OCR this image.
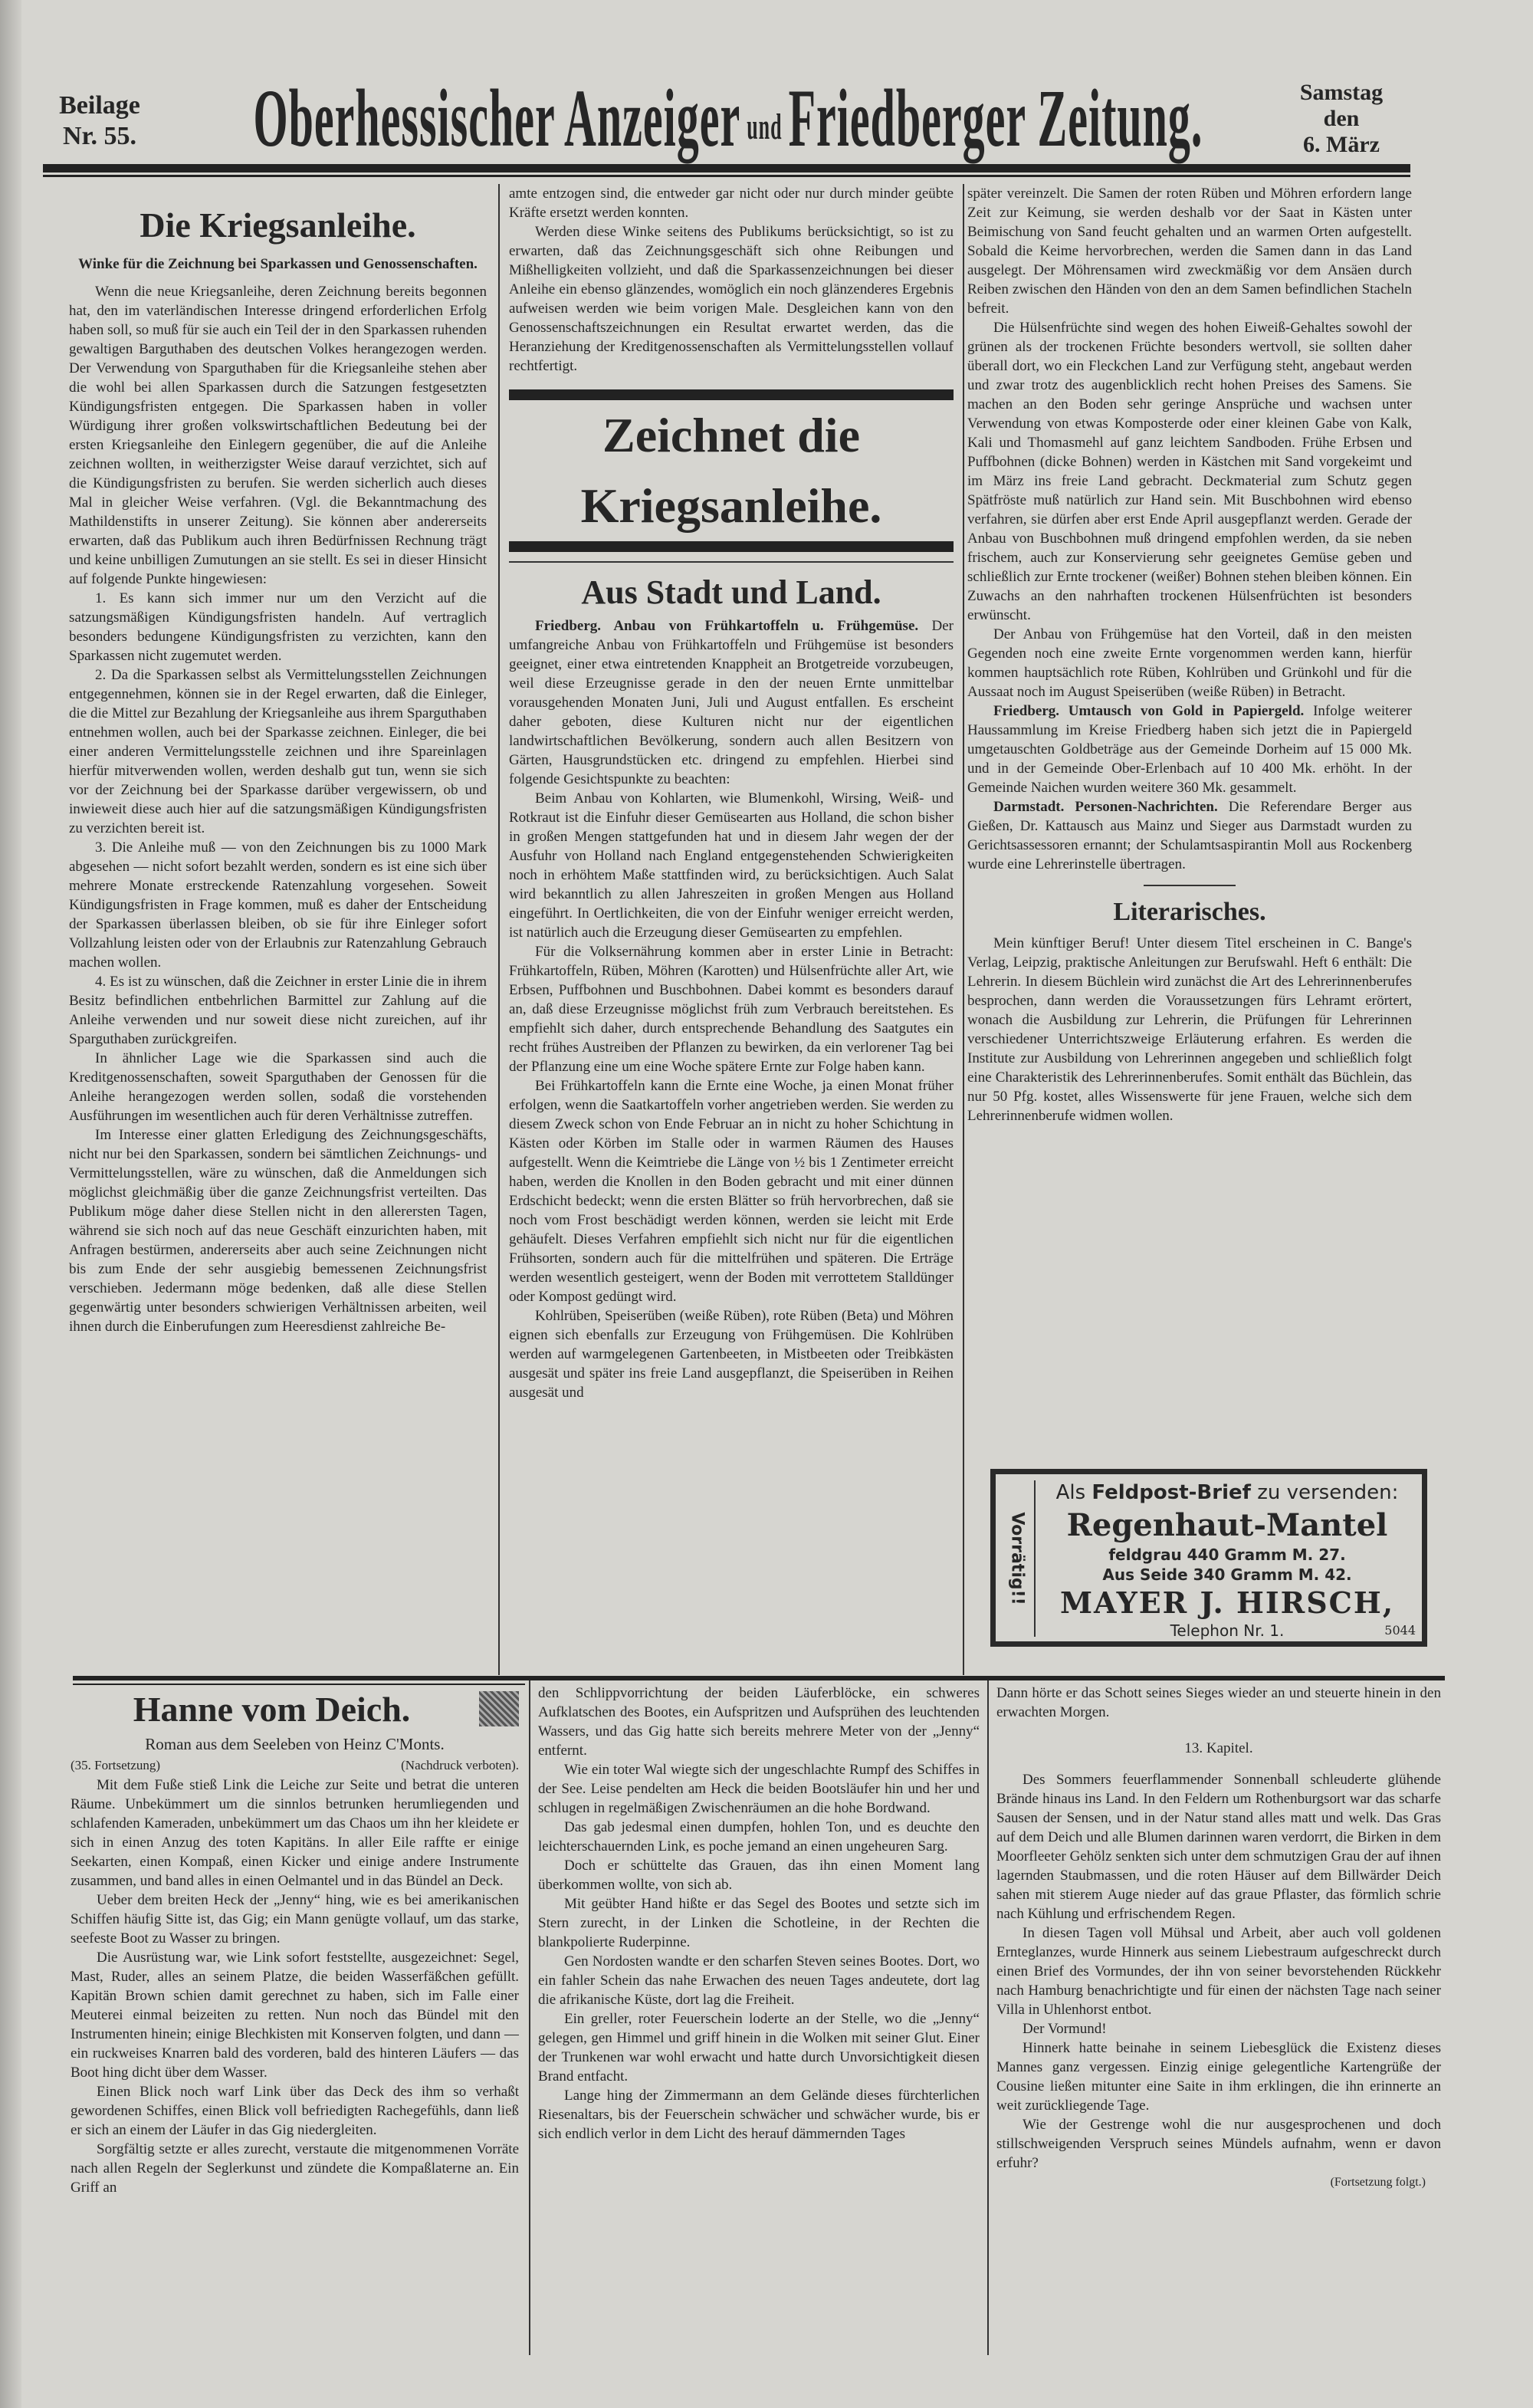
Beilage
Nr. 55.	Oberhessischer Anzeiger und Friedberger Zeitung.	Samstag
den
6. März
Die Kriegsanleihe.
Winke für die Zeichnung bei Sparkassen und Genossenschaften.

Wenn die neue Kriegsanleihe, deren Zeichnung bereits begonnen hat, den im vaterländischen Interesse dringend erforderlichen Erfolg haben soll, so muß für sie auch ein Teil der in den Sparkassen ruhenden gewaltigen Barguthaben des deutschen Volkes herangezogen werden. Der Verwendung von Sparguthaben für die Kriegsanleihe stehen aber die wohl bei allen Sparkassen durch die Satzungen festgesetzten Kündigungsfristen entgegen. Die Sparkassen haben in voller Würdigung ihrer großen volkswirtschaftlichen Bedeutung bei der ersten Kriegsanleihe den Einlegern gegenüber, die auf die Anleihe zeichnen wollten, in weitherzigster Weise darauf verzichtet, sich auf die Kündigungsfristen zu berufen. Sie werden sicherlich auch dieses Mal in gleicher Weise verfahren. (Vgl. die Bekanntmachung des Mathildenstifts in unserer Zeitung). Sie können aber andererseits erwarten, daß das Publikum auch ihren Bedürfnissen Rechnung trägt und keine unbilligen Zumutungen an sie stellt. Es sei in dieser Hinsicht auf folgende Punkte hingewiesen:

1. Es kann sich immer nur um den Verzicht auf die satzungsmäßigen Kündigungsfristen handeln. Auf vertraglich besonders bedungene Kündigungsfristen zu verzichten, kann den Sparkassen nicht zugemutet werden.

2. Da die Sparkassen selbst als Vermittelungsstellen Zeichnungen entgegennehmen, können sie in der Regel erwarten, daß die Einleger, die die Mittel zur Bezahlung der Kriegsanleihe aus ihrem Sparguthaben entnehmen wollen, auch bei der Sparkasse zeichnen. Einleger, die bei einer anderen Vermittelungsstelle zeichnen und ihre Spareinlagen hierfür mitverwenden wollen, werden deshalb gut tun, wenn sie sich vor der Zeichnung bei der Sparkasse darüber vergewissern, ob und inwieweit diese auch hier auf die satzungsmäßigen Kündigungsfristen zu verzichten bereit ist.

3. Die Anleihe muß — von den Zeichnungen bis zu 1000 Mark abgesehen — nicht sofort bezahlt werden, sondern es ist eine sich über mehrere Monate erstreckende Ratenzahlung vorgesehen. Soweit Kündigungsfristen in Frage kommen, muß es daher der Entscheidung der Sparkassen überlassen bleiben, ob sie für ihre Einleger sofort Vollzahlung leisten oder von der Erlaubnis zur Ratenzahlung Gebrauch machen wollen.

4. Es ist zu wünschen, daß die Zeichner in erster Linie die in ihrem Besitz befindlichen entbehrlichen Barmittel zur Zahlung auf die Anleihe verwenden und nur soweit diese nicht zureichen, auf ihr Sparguthaben zurückgreifen.

In ähnlicher Lage wie die Sparkassen sind auch die Kreditgenossenschaften, soweit Sparguthaben der Genossen für die Anleihe herangezogen werden sollen, sodaß die vorstehenden Ausführungen im wesentlichen auch für deren Verhältnisse zutreffen.

Im Interesse einer glatten Erledigung des Zeichnungsgeschäfts, nicht nur bei den Sparkassen, sondern bei sämtlichen Zeichnungs- und Vermittelungsstellen, wäre zu wünschen, daß die Anmeldungen sich möglichst gleichmäßig über die ganze Zeichnungsfrist verteilten. Das Publikum möge daher diese Stellen nicht in den allerersten Tagen, während sie sich noch auf das neue Geschäft einzurichten haben, mit Anfragen bestürmen, andererseits aber auch seine Zeichnungen nicht bis zum Ende der sehr ausgiebig bemessenen Zeichnungsfrist verschieben. Jedermann möge bedenken, daß alle diese Stellen gegenwärtig unter besonders schwierigen Verhältnissen arbeiten, weil ihnen durch die Einberufungen zum Heeresdienst zahlreiche Be-

amte entzogen sind, die entweder gar nicht oder nur durch minder geübte Kräfte ersetzt werden konnten.

Werden diese Winke seitens des Publikums berücksichtigt, so ist zu erwarten, daß das Zeichnungsgeschäft sich ohne Reibungen und Mißhelligkeiten vollzieht, und daß die Sparkassenzeichnungen bei dieser Anleihe ein ebenso glänzendes, womöglich ein noch glänzenderes Ergebnis aufweisen werden wie beim vorigen Male. Desgleichen kann von den Genossenschaftszeichnungen ein Resultat erwartet werden, das die Heranziehung der Kreditgenossenschaften als Vermittelungsstellen vollauf rechtfertigt.

Zeichnet die Kriegsanleihe.
Aus Stadt und Land.

Friedberg. Anbau von Frühkartoffeln u. Frühgemüse. Der umfangreiche Anbau von Frühkartoffeln und Frühgemüse ist besonders geeignet, einer etwa eintretenden Knappheit an Brotgetreide vorzubeugen, weil diese Erzeugnisse gerade in den der neuen Ernte unmittelbar vorausgehenden Monaten Juni, Juli und August entfallen. Es erscheint daher geboten, diese Kulturen nicht nur der eigentlichen landwirtschaftlichen Bevölkerung, sondern auch allen Besitzern von Gärten, Hausgrundstücken etc. dringend zu empfehlen. Hierbei sind folgende Gesichtspunkte zu beachten:

Beim Anbau von Kohlarten, wie Blumenkohl, Wirsing, Weiß- und Rotkraut ist die Einfuhr dieser Gemüsearten aus Holland, die schon bisher in großen Mengen stattgefunden hat und in diesem Jahr wegen der der Ausfuhr von Holland nach England entgegenstehenden Schwierigkeiten noch in erhöhtem Maße stattfinden wird, zu berücksichtigen. Auch Salat wird bekanntlich zu allen Jahreszeiten in großen Mengen aus Holland eingeführt. In Oertlichkeiten, die von der Einfuhr weniger erreicht werden, ist natürlich auch die Erzeugung dieser Gemüsearten zu empfehlen.

Für die Volksernährung kommen aber in erster Linie in Betracht: Frühkartoffeln, Rüben, Möhren (Karotten) und Hülsenfrüchte aller Art, wie Erbsen, Puffbohnen und Buschbohnen. Dabei kommt es besonders darauf an, daß diese Erzeugnisse möglichst früh zum Verbrauch bereitstehen. Es empfiehlt sich daher, durch entsprechende Behandlung des Saatgutes ein recht frühes Austreiben der Pflanzen zu bewirken, da ein verlorener Tag bei der Pflanzung eine um eine Woche spätere Ernte zur Folge haben kann.

Bei Frühkartoffeln kann die Ernte eine Woche, ja einen Monat früher erfolgen, wenn die Saatkartoffeln vorher angetrieben werden. Sie werden zu diesem Zweck schon von Ende Februar an in nicht zu hoher Schichtung in Kästen oder Körben im Stalle oder in warmen Räumen des Hauses aufgestellt. Wenn die Keimtriebe die Länge von ½ bis 1 Zentimeter erreicht haben, werden die Knollen in den Boden gebracht und mit einer dünnen Erdschicht bedeckt; wenn die ersten Blätter so früh hervorbrechen, daß sie noch vom Frost beschädigt werden können, werden sie leicht mit Erde gehäufelt. Dieses Verfahren empfiehlt sich nicht nur für die eigentlichen Frühsorten, sondern auch für die mittelfrühen und späteren. Die Erträge werden wesentlich gesteigert, wenn der Boden mit verrottetem Stalldünger oder Kompost gedüngt wird.

Kohlrüben, Speiserüben (weiße Rüben), rote Rüben (Beta) und Möhren eignen sich ebenfalls zur Erzeugung von Frühgemüsen. Die Kohlrüben werden auf warmgelegenen Gartenbeeten, in Mistbeeten oder Treibkästen ausgesät und später ins freie Land ausgepflanzt, die Speiserüben in Reihen ausgesät und

später vereinzelt. Die Samen der roten Rüben und Möhren erfordern lange Zeit zur Keimung, sie werden deshalb vor der Saat in Kästen unter Beimischung von Sand feucht gehalten und an warmen Orten aufgestellt. Sobald die Keime hervorbrechen, werden die Samen dann in das Land ausgelegt. Der Möhrensamen wird zweckmäßig vor dem Ansäen durch Reiben zwischen den Händen von den an dem Samen befindlichen Stacheln befreit.

Die Hülsenfrüchte sind wegen des hohen Eiweiß-Gehaltes sowohl der grünen als der trockenen Früchte besonders wertvoll, sie sollten daher überall dort, wo ein Fleckchen Land zur Verfügung steht, angebaut werden und zwar trotz des augenblicklich recht hohen Preises des Samens. Sie machen an den Boden sehr geringe Ansprüche und wachsen unter Verwendung von etwas Komposterde oder einer kleinen Gabe von Kalk, Kali und Thomasmehl auf ganz leichtem Sandboden. Frühe Erbsen und Puffbohnen (dicke Bohnen) werden in Kästchen mit Sand vorgekeimt und im März ins freie Land gebracht. Deckmaterial zum Schutz gegen Spätfröste muß natürlich zur Hand sein. Mit Buschbohnen wird ebenso verfahren, sie dürfen aber erst Ende April ausgepflanzt werden. Gerade der Anbau von Buschbohnen muß dringend empfohlen werden, da sie neben frischem, auch zur Konservierung sehr geeignetes Gemüse geben und schließlich zur Ernte trockener (weißer) Bohnen stehen bleiben können. Ein Zuwachs an den nahrhaften trockenen Hülsenfrüchten ist besonders erwünscht.

Der Anbau von Frühgemüse hat den Vorteil, daß in den meisten Gegenden noch eine zweite Ernte vorgenommen werden kann, hierfür kommen hauptsächlich rote Rüben, Kohlrüben und Grünkohl und für die Aussaat noch im August Speiserüben (weiße Rüben) in Betracht.

Friedberg. Umtausch von Gold in Papiergeld. Infolge weiterer Haussammlung im Kreise Friedberg haben sich jetzt die in Papiergeld umgetauschten Goldbeträge aus der Gemeinde Dorheim auf 15 000 Mk. und in der Gemeinde Ober-Erlenbach auf 10 400 Mk. erhöht. In der Gemeinde Naichen wurden weitere 360 Mk. gesammelt.

Darmstadt. Personen-Nachrichten. Die Referendare Berger aus Gießen, Dr. Kattausch aus Mainz und Sieger aus Darmstadt wurden zu Gerichtsassessoren ernannt; der Schulamtsaspirantin Moll aus Rockenberg wurde eine Lehrerinstelle übertragen.

Literarisches.

Mein künftiger Beruf! Unter diesem Titel erscheinen in C. Bange's Verlag, Leipzig, praktische Anleitungen zur Berufswahl. Heft 6 enthält: Die Lehrerin. In diesem Büchlein wird zunächst die Art des Lehrerinnenberufes besprochen, dann werden die Voraussetzungen fürs Lehramt erörtert, wonach die Ausbildung zur Lehrerin, die Prüfungen für Lehrerinnen verschiedener Unterrichtszweige Erläuterung erfahren. Es werden die Institute zur Ausbildung von Lehrerinnen angegeben und schließlich folgt eine Charakteristik des Lehrerinnenberufes. Somit enthält das Büchlein, das nur 50 Pfg. kostet, alles Wissenswerte für jene Frauen, welche sich dem Lehrerinnenberufe widmen wollen.

Vorrätig!!
Als Feldpost-Brief zu versenden:
Regenhaut-Mantel
feldgrau 440 Gramm M. 27.
Aus Seide 340 Gramm M. 42.
MAYER J. HIRSCH,
Telephon Nr. 1.	5044
Hanne vom Deich.
Roman aus dem Seeleben von Heinz C'Monts.
(35. Fortsetzung)	(Nachdruck verboten).

Mit dem Fuße stieß Link die Leiche zur Seite und betrat die unteren Räume. Unbekümmert um die sinnlos betrunken herumliegenden und schlafenden Kameraden, unbekümmert um das Chaos um ihn her kleidete er sich in einen Anzug des toten Kapitäns. In aller Eile raffte er einige Seekarten, einen Kompaß, einen Kicker und einige andere Instrumente zusammen, und band alles in einen Oelmantel und in das Bündel an Deck.

Ueber dem breiten Heck der „Jenny“ hing, wie es bei amerikanischen Schiffen häufig Sitte ist, das Gig; ein Mann genügte vollauf, um das starke, seefeste Boot zu Wasser zu bringen.

Die Ausrüstung war, wie Link sofort feststellte, ausgezeichnet: Segel, Mast, Ruder, alles an seinem Platze, die beiden Wasserfäßchen gefüllt. Kapitän Brown schien damit gerechnet zu haben, sich im Falle einer Meuterei einmal beizeiten zu retten. Nun noch das Bündel mit den Instrumenten hinein; einige Blechkisten mit Konserven folgten, und dann — ein ruckweises Knarren bald des vorderen, bald des hinteren Läufers — das Boot hing dicht über dem Wasser.

Einen Blick noch warf Link über das Deck des ihm so verhaßt gewordenen Schiffes, einen Blick voll befriedigten Rachegefühls, dann ließ er sich an einem der Läufer in das Gig niedergleiten.

Sorgfältig setzte er alles zurecht, verstaute die mitgenommenen Vorräte nach allen Regeln der Seglerkunst und zündete die Kompaßlaterne an. Ein Griff an

den Schlippvorrichtung der beiden Läuferblöcke, ein schweres Aufklatschen des Bootes, ein Aufspritzen und Aufsprühen des leuchtenden Wassers, und das Gig hatte sich bereits mehrere Meter von der „Jenny“ entfernt.

Wie ein toter Wal wiegte sich der ungeschlachte Rumpf des Schiffes in der See. Leise pendelten am Heck die beiden Bootsläufer hin und her und schlugen in regelmäßigen Zwischenräumen an die hohe Bordwand.

Das gab jedesmal einen dumpfen, hohlen Ton, und es deuchte den leichterschauernden Link, es poche jemand an einen ungeheuren Sarg.

Doch er schüttelte das Grauen, das ihn einen Moment lang überkommen wollte, von sich ab.

Mit geübter Hand hißte er das Segel des Bootes und setzte sich im Stern zurecht, in der Linken die Schotleine, in der Rechten die blankpolierte Ruderpinne.

Gen Nordosten wandte er den scharfen Steven seines Bootes. Dort, wo ein fahler Schein das nahe Erwachen des neuen Tages andeutete, dort lag die afrikanische Küste, dort lag die Freiheit.

Ein greller, roter Feuerschein loderte an der Stelle, wo die „Jenny“ gelegen, gen Himmel und griff hinein in die Wolken mit seiner Glut. Einer der Trunkenen war wohl erwacht und hatte durch Unvorsichtigkeit diesen Brand entfacht.

Lange hing der Zimmermann an dem Gelände dieses fürchterlichen Riesenaltars, bis der Feuerschein schwächer und schwächer wurde, bis er sich endlich verlor in dem Licht des herauf dämmernden Tages

Dann hörte er das Schott seines Sieges wieder an und steuerte hinein in den erwachten Morgen.

13. Kapitel.

Des Sommers feuerflammender Sonnenball schleuderte glühende Brände hinaus ins Land. In den Feldern um Rothenburgsort war das scharfe Sausen der Sensen, und in der Natur stand alles matt und welk. Das Gras auf dem Deich und alle Blumen darinnen waren verdorrt, die Birken in dem Moorfleeter Gehölz senkten sich unter dem schmutzigen Grau der auf ihnen lagernden Staubmassen, und die roten Häuser auf dem Billwärder Deich sahen mit stierem Auge nieder auf das graue Pflaster, das förmlich schrie nach Kühlung und erfrischendem Regen.

In diesen Tagen voll Mühsal und Arbeit, aber auch voll goldenen Ernteglanzes, wurde Hinnerk aus seinem Liebestraum aufgeschreckt durch einen Brief des Vormundes, der ihn von seiner bevorstehenden Rückkehr nach Hamburg benachrichtigte und für einen der nächsten Tage nach seiner Villa in Uhlenhorst entbot.

Der Vormund!

Hinnerk hatte beinahe in seinem Liebesglück die Existenz dieses Mannes ganz vergessen. Einzig einige gelegentliche Kartengrüße der Cousine ließen mitunter eine Saite in ihm erklingen, die ihn erinnerte an weit zurückliegende Tage.

Wie der Gestrenge wohl die nur ausgesprochenen und doch stillschweigenden Verspruch seines Mündels aufnahm, wenn er davon erfuhr?

(Fortsetzung folgt.)
